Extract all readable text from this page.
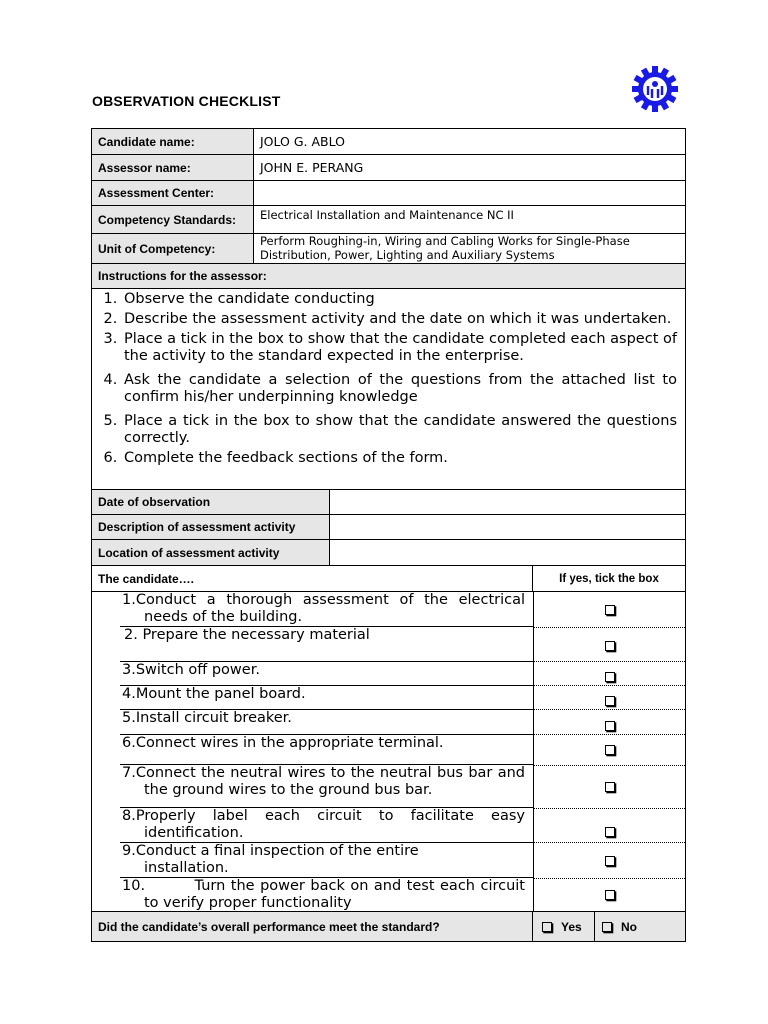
OBSERVATION CHECKLIST
Candidate name:	JOLO G. ABLO
Assessor name:	JOHN E. PERANG
Assessment Center:
Competency Standards:	Electrical Installation and Maintenance NC II
Unit of Competency:
Perform Roughing-in, Wiring and Cabling Works for Single-Phase Distribution, Power, Lighting and Auxiliary Systems
Instructions for the assessor:
1. Observe the candidate conducting
2. Describe the assessment activity and the date on which it was undertaken.
3. Place a tick in the box to show that the candidate completed each aspect of the activity to the standard expected in the enterprise.
4. Ask the candidate a selection of the questions from the attached list to confirm his/her underpinning knowledge
5. Place a tick in the box to show that the candidate answered the questions correctly.
6. Complete the feedback sections of the form.
Date of observation
Description of assessment activity
Location of assessment activity
The candidate….	If yes, tick the box
1.Conduct a thorough assessment of the electrical needs of the building.
2. Prepare the necessary material
3.Switch off power.
4.Mount the panel board.
5.Install circuit breaker.
6.Connect wires in the appropriate terminal.
7.Connect the neutral wires to the neutral bus bar and the ground wires to the ground bus bar.
8.Properly label each circuit to facilitate easy identification.
9.Conduct a final inspection of the entire installation.
10.         Turn the power back on and test each circuit to verify proper functionality
Did the candidate’s overall performance meet the standard?	Yes	No
